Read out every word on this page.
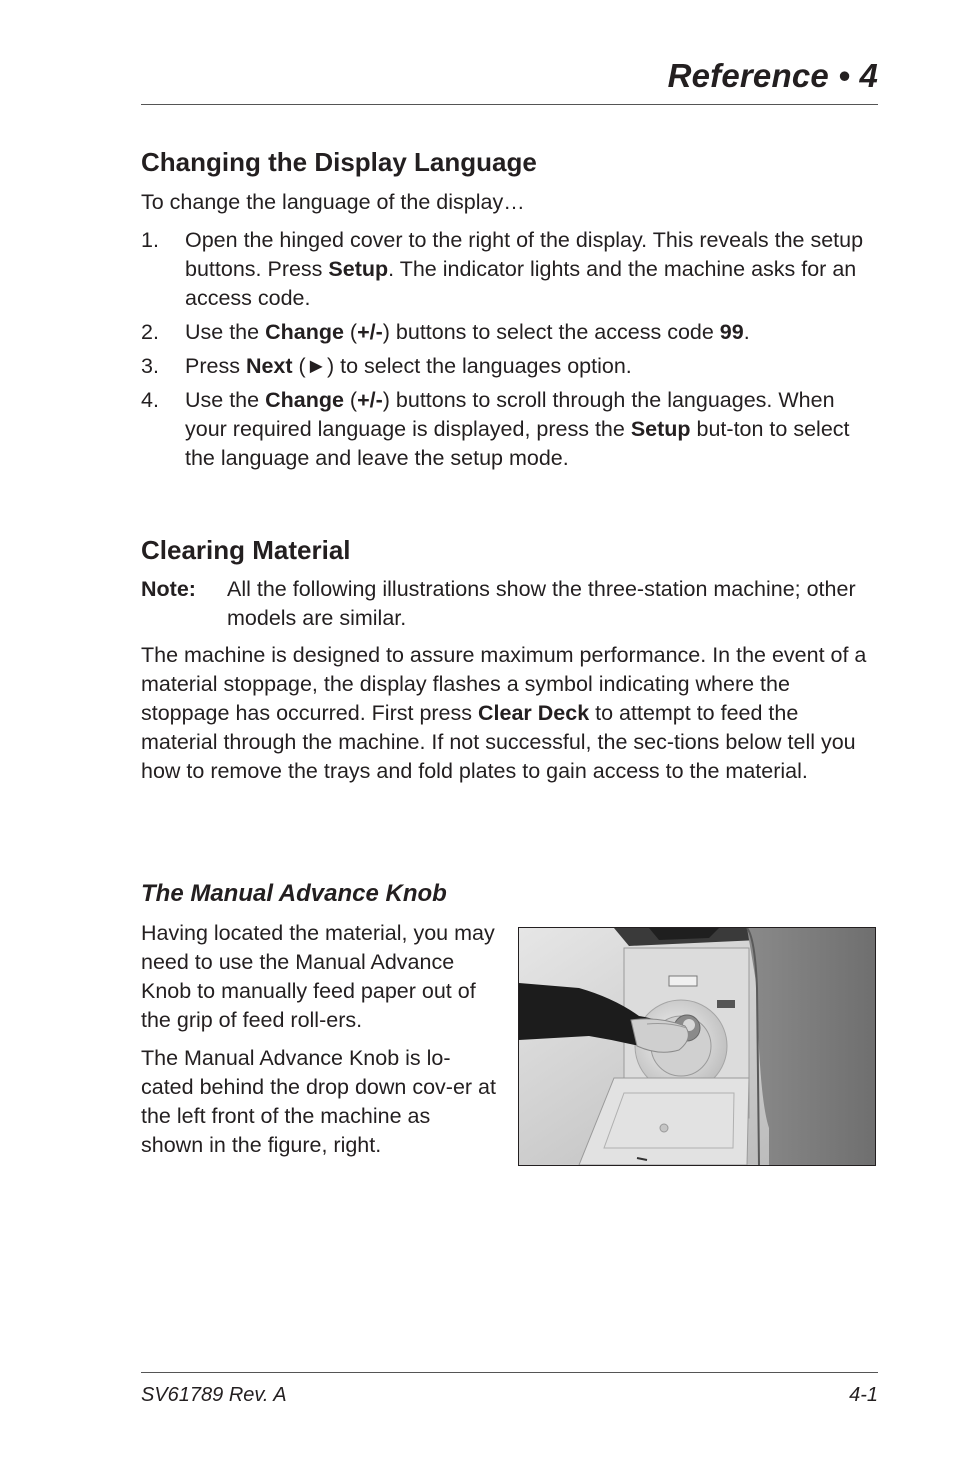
Reference • 4
Changing the Display Language

To change the language of the display…

1. Open the hinged cover to the right of the display. This reveals the setup buttons. Press Setup. The indicator lights and the machine asks for an access code.
2. Use the Change (+/-) buttons to select the access code 99.
3. Press Next (►) to select the languages option.
4. Use the Change (+/-) buttons to scroll through the languages. When your required language is displayed, press the Setup but-ton to select the language and leave the setup mode.
Clearing Material
Note: All the following illustrations show the three-station machine; other models are similar.

The machine is designed to assure maximum performance. In the event of a material stoppage, the display flashes a symbol indicating where the stoppage has occurred. First press Clear Deck to attempt to feed the material through the machine. If not successful, the sec-tions below tell you how to remove the trays and fold plates to gain access to the material.

The Manual Advance Knob

Having located the material, you may need to use the Manual Advance Knob to manually feed paper out of the grip of feed roll-ers.

The Manual Advance Knob is lo-cated behind the drop down cov-er at the left front of the machine as shown in the figure, right.

SV61789 Rev. A	4-1
